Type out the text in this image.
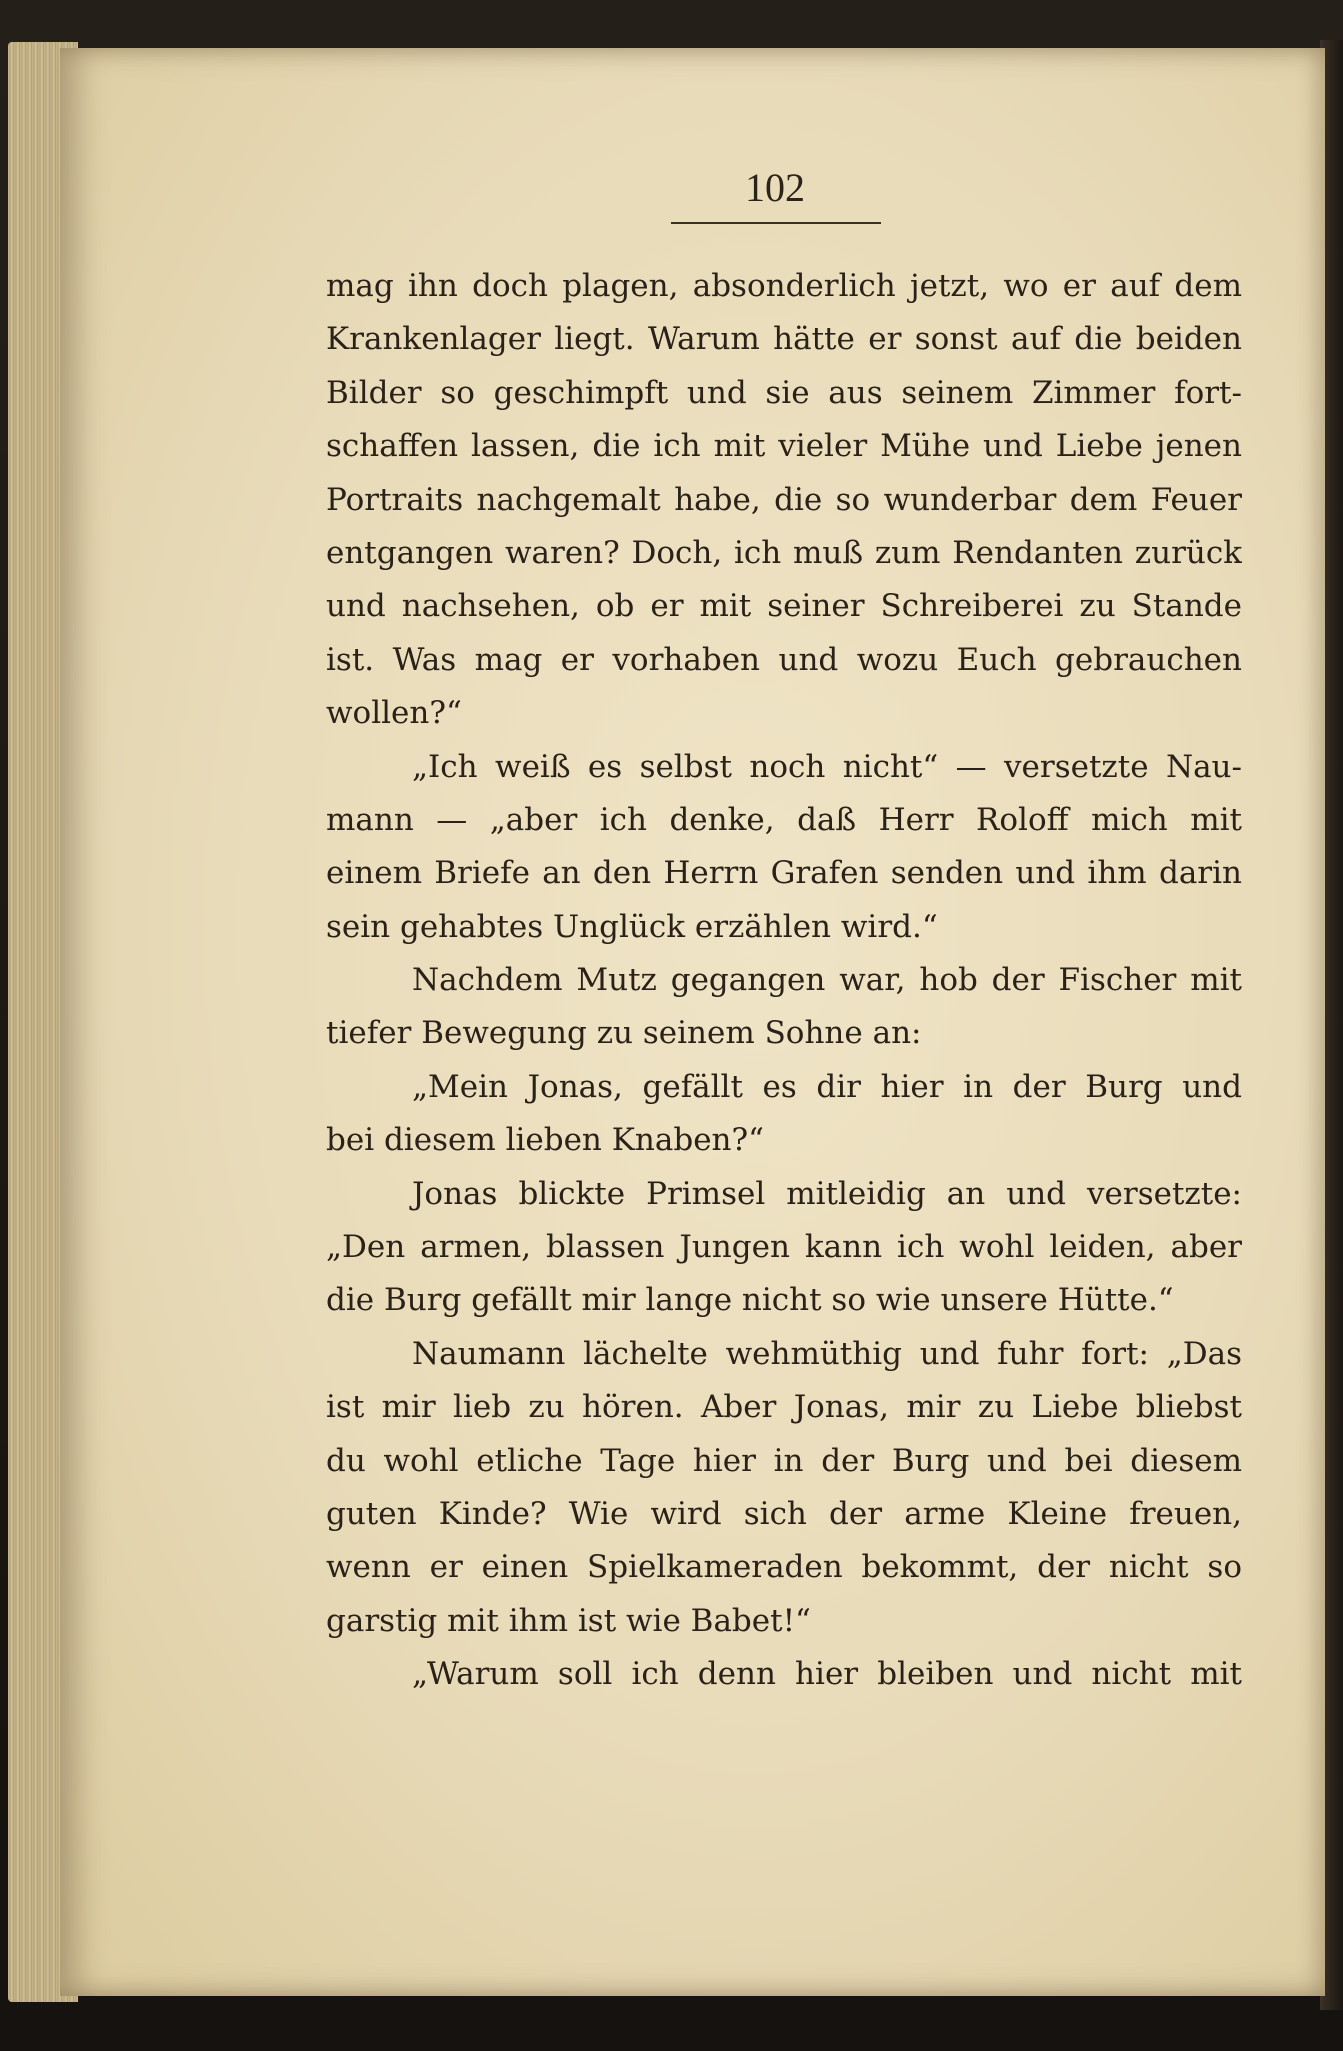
102
mag ihn doch plagen, absonderlich jetzt, wo er auf dem
Krankenlager liegt. Warum hätte er sonst auf die beiden
Bilder so geschimpft und sie aus seinem Zimmer fort-
schaffen lassen, die ich mit vieler Mühe und Liebe jenen
Portraits nachgemalt habe, die so wunderbar dem Feuer
entgangen waren? Doch, ich muß zum Rendanten zurück
und nachsehen, ob er mit seiner Schreiberei zu Stande
ist. Was mag er vorhaben und wozu Euch gebrauchen
wollen?“
„Ich weiß es selbst noch nicht“ — versetzte Nau-
mann — „aber ich denke, daß Herr Roloff mich mit
einem Briefe an den Herrn Grafen senden und ihm darin
sein gehabtes Unglück erzählen wird.“
Nachdem Mutz gegangen war, hob der Fischer mit
tiefer Bewegung zu seinem Sohne an:
„Mein Jonas, gefällt es dir hier in der Burg und
bei diesem lieben Knaben?“
Jonas blickte Primsel mitleidig an und versetzte:
„Den armen, blassen Jungen kann ich wohl leiden, aber
die Burg gefällt mir lange nicht so wie unsere Hütte.“
Naumann lächelte wehmüthig und fuhr fort: „Das
ist mir lieb zu hören. Aber Jonas, mir zu Liebe bliebst
du wohl etliche Tage hier in der Burg und bei diesem
guten Kinde? Wie wird sich der arme Kleine freuen,
wenn er einen Spielkameraden bekommt, der nicht so
garstig mit ihm ist wie Babet!“
„Warum soll ich denn hier bleiben und nicht mit
